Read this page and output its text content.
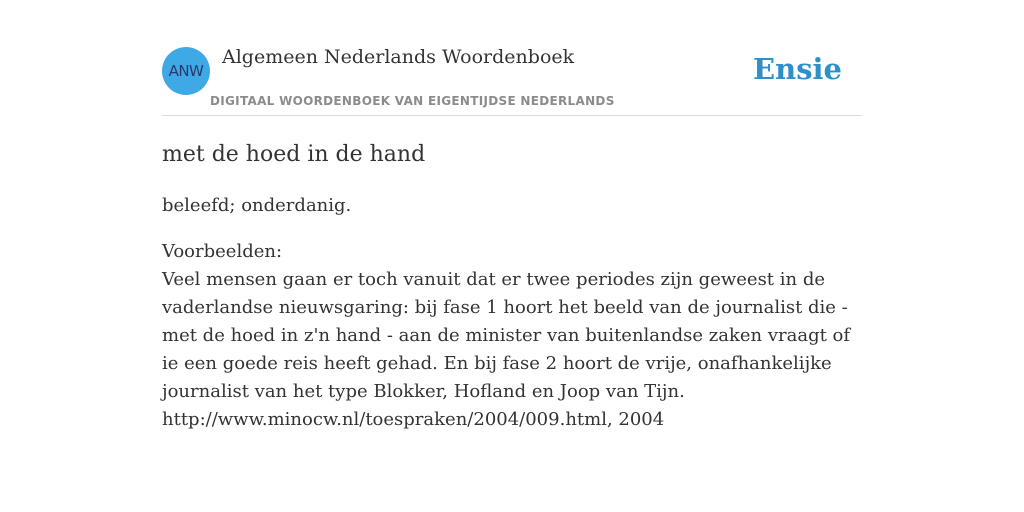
ANW
Algemeen Nederlands Woordenboek
DIGITAAL WOORDENBOEK VAN EIGENTIJDSE NEDERLANDS
Ensie
met de hoed in de hand

beleefd; onderdanig.

Voorbeelden:

Veel mensen gaan er toch vanuit dat er twee periodes zijn geweest in de vaderlandse nieuwsgaring: bij fase 1 hoort het beeld van de journalist die - met de hoed in z'n hand - aan de minister van buitenlandse zaken vraagt of ie een goede reis heeft gehad. En bij fase 2 hoort de vrije, onafhankelijke journalist van het type Blokker, Hofland en Joop van Tijn.

http://www.minocw.nl/toespraken/2004/009.html, 2004
